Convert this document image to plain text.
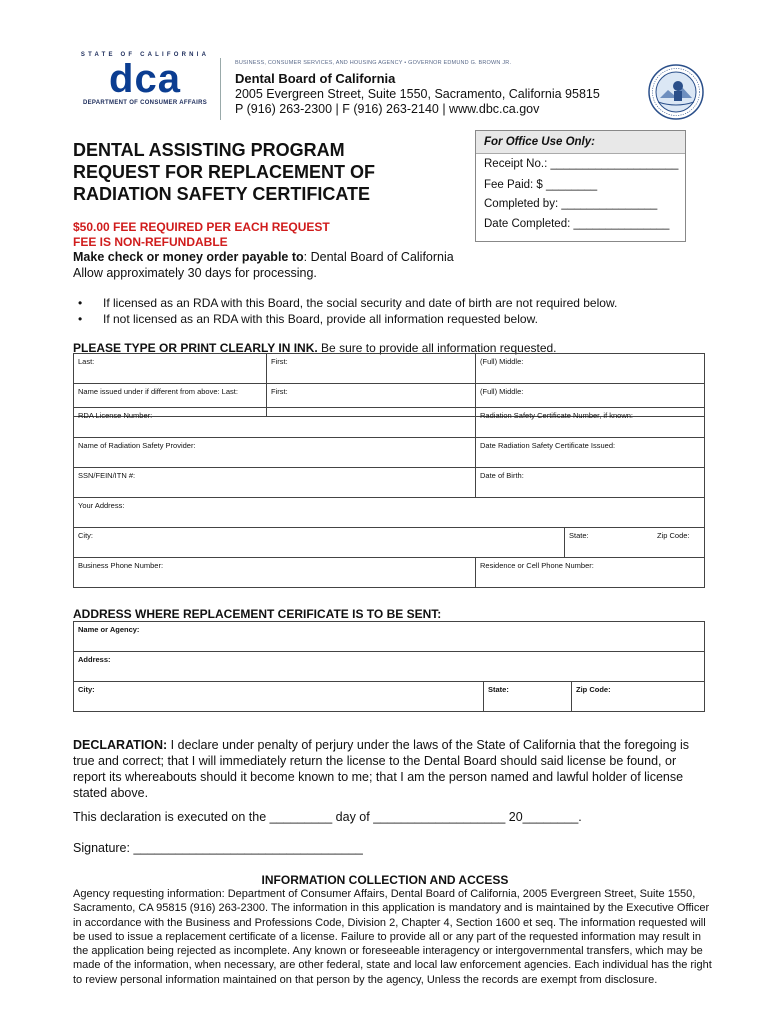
STATE OF CALIFORNIA
dca
DEPARTMENT OF CONSUMER AFFAIRS
BUSINESS, CONSUMER SERVICES, AND HOUSING AGENCY • GOVERNOR EDMUND G. BROWN JR.
Dental Board of California
2005 Evergreen Street, Suite 1550, Sacramento, California 95815
P (916) 263-2300 | F (916) 263-2140 | www.dbc.ca.gov
DENTAL ASSISTING PROGRAM
REQUEST FOR REPLACEMENT OF
RADIATION SAFETY CERTIFICATE
For Office Use Only:
Receipt No.: ____________________
Fee Paid: $ ________
Completed by: _______________
Date Completed: _______________
$50.00 FEE REQUIRED PER EACH REQUEST
FEE IS NON-REFUNDABLE
Make check or money order payable to: Dental Board of California
Allow approximately 30 days for processing.
•	If licensed as an RDA with this Board, the social security and date of birth are not required below.
•	If not licensed as an RDA with this Board, provide all information requested below.
PLEASE TYPE OR PRINT CLEARLY IN INK. Be sure to provide all information requested.
Last:	First:	(Full) Middle:
Name issued under if different from above: Last:	First:	(Full) Middle:
RDA License Number:	Radiation Safety Certificate Number, if known:	
Name of Radiation Safety Provider:	Date Radiation Safety Certificate Issued:	
SSN/FEIN/ITN #:	Date of Birth:	
Your Address:		
City:		State: Zip Code:

Business Phone Number:	Residence or Cell Phone Number:	
ADDRESS WHERE REPLACEMENT CERIFICATE IS TO BE SENT:
Name or Agency:
Address:
City:	State:	Zip Code:
DECLARATION: I declare under penalty of perjury under the laws of the State of California that the foregoing is true and correct; that I will immediately return the license to the Dental Board should said license be found, or report its whereabouts should it become known to me; that I am the person named and lawful holder of license stated above.
This declaration is executed on the _________ day of ___________________ 20________.
Signature: _________________________________
INFORMATION COLLECTION AND ACCESS
Agency requesting information: Department of Consumer Affairs, Dental Board of California, 2005 Evergreen Street, Suite 1550, Sacramento, CA 95815 (916) 263-2300. The information in this application is mandatory and is maintained by the Executive Officer in accordance with the Business and Professions Code, Division 2, Chapter 4, Section 1600 et seq. The information requested will be used to issue a replacement certificate of a license. Failure to provide all or any part of the requested information may result in the application being rejected as incomplete. Any known or foreseeable interagency or intergovernmental transfers, which may be made of the information, when necessary, are other federal, state and local law enforcement agencies. Each individual has the right to review personal information maintained on that person by the agency, Unless the records are exempt from disclosure.
